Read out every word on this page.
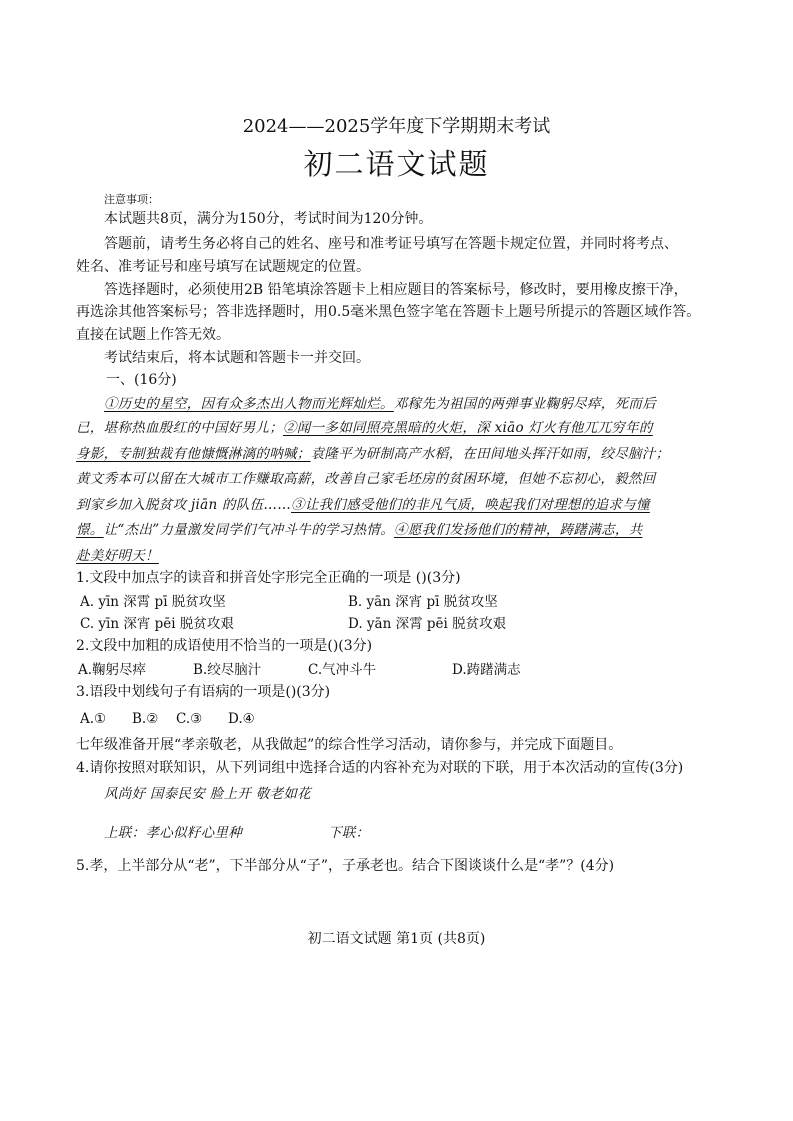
2024——2025学年度下学期期末考试
初二语文试题
注意事项：
本试题共8页，满分为150分，考试时间为120分钟。
答题前，请考生务必将自己的姓名、座号和准考证号填写在答题卡规定位置，并同时将考点、
姓名、准考证号和座号填写在试题规定的位置。
答选择题时，必须使用2B 铅笔填涂答题卡上相应题目的答案标号，修改时，要用橡皮擦干净，
再选涂其他答案标号；答非选择题时，用0.5毫米黑色签字笔在答题卡上题号所提示的答题区域作答。
直接在试题上作答无效。
考试结束后，将本试题和答题卡一并交回。
一、(16分)
①历史的星空，因有众多杰出人物而光辉灿烂。邓稼先为祖国的两弹事业鞠躬尽瘁，死而后
已，堪称热血殷红的中国好男儿；②闻一多如同照亮黑暗的火炬，深 xiāo 灯火有他兀兀穷年的
身影，专制独裁有他慷慨淋漓的呐喊；袁隆平为研制高产水稻，在田间地头挥汗如雨，绞尽脑汁；
黄文秀本可以留在大城市工作赚取高薪，改善自己家毛坯房的贫困环境，但她不忘初心，毅然回
到家乡加入脱贫攻 jiān 的队伍……③让我们感受他们的非凡气质，唤起我们对理想的追求与憧
憬。让“杰出”力量激发同学们气冲斗牛的学习热情。④愿我们发扬他们的精神，踌躇满志，共
赴美好明天！
1.文段中加点字的读音和拼音处字形完全正确的一项是 ()(3分)
A. yīn 深霄 pī 脱贫攻坚	B. yān 深宵 pī 脱贫攻坚
C. yīn 深宵 pēi 脱贫攻艰	D. yān 深霄 pēi 脱贫攻艰
2.文段中加粗的成语使用不恰当的一项是()(3分)
A.鞠躬尽瘁	B.绞尽脑汁	C.气冲斗牛	D.踌躇满志
3.语段中划线句子有语病的一项是()(3分)
A.① B.② C.③ D.④
七年级准备开展“孝亲敬老，从我做起”的综合性学习活动，请你参与，并完成下面题目。
4.请你按照对联知识，从下列词组中选择合适的内容补充为对联的下联，用于本次活动的宣传(3分)
风尚好 国泰民安 脸上开 敬老如花
上联：孝心似籽心里种	下联：
5.孝，上半部分从“老”，下半部分从“子”，子承老也。结合下图谈谈什么是“孝”？(4分)
初二语文试题 第1页 (共8页)
